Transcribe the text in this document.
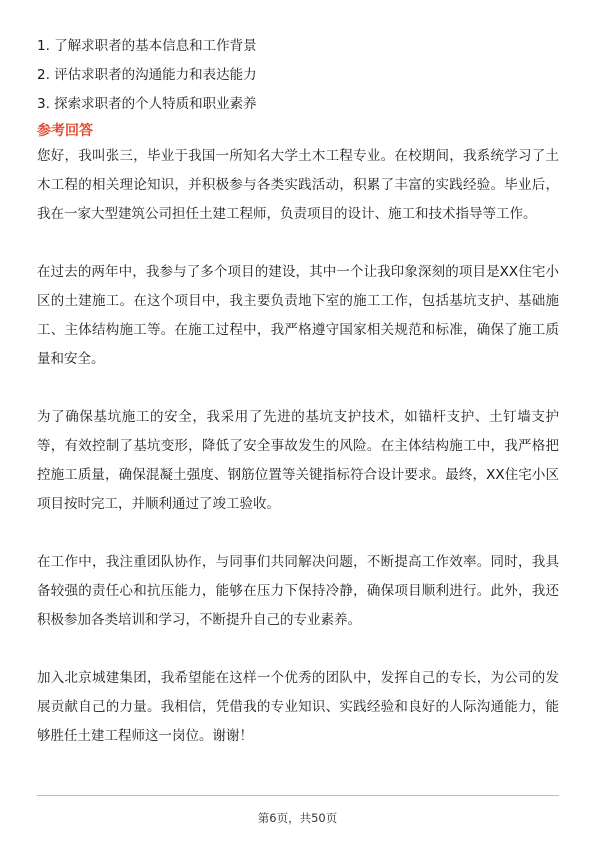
1. 了解求职者的基本信息和工作背景
2. 评估求职者的沟通能力和表达能力
3. 探索求职者的个人特质和职业素养
参考回答

您好，我叫张三，毕业于我国一所知名大学土木工程专业。在校期间，我系统学习了土木工程的相关理论知识，并积极参与各类实践活动，积累了丰富的实践经验。毕业后，我在一家大型建筑公司担任土建工程师，负责项目的设计、施工和技术指导等工作。

在过去的两年中，我参与了多个项目的建设，其中一个让我印象深刻的项目是XX住宅小区的土建施工。在这个项目中，我主要负责地下室的施工工作，包括基坑支护、基础施工、主体结构施工等。在施工过程中，我严格遵守国家相关规范和标准，确保了施工质量和安全。

为了确保基坑施工的安全，我采用了先进的基坑支护技术，如锚杆支护、土钉墙支护等，有效控制了基坑变形，降低了安全事故发生的风险。在主体结构施工中，我严格把控施工质量，确保混凝土强度、钢筋位置等关键指标符合设计要求。最终，XX住宅小区项目按时完工，并顺利通过了竣工验收。

在工作中，我注重团队协作，与同事们共同解决问题，不断提高工作效率。同时，我具备较强的责任心和抗压能力，能够在压力下保持冷静，确保项目顺利进行。此外，我还积极参加各类培训和学习，不断提升自己的专业素养。

加入北京城建集团，我希望能在这样一个优秀的团队中，发挥自己的专长，为公司的发展贡献自己的力量。我相信，凭借我的专业知识、实践经验和良好的人际沟通能力，能够胜任土建工程师这一岗位。谢谢！

第6页，共50页
